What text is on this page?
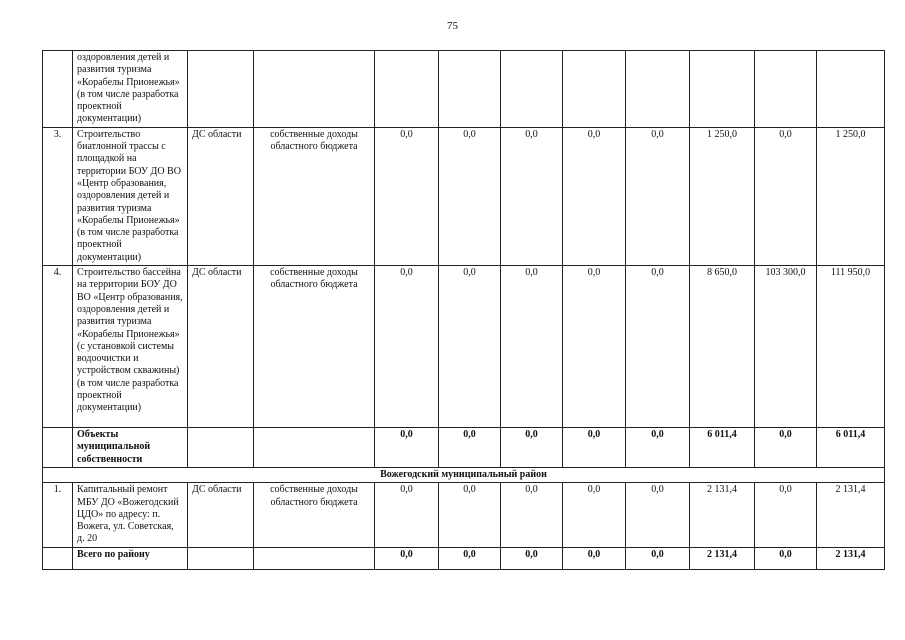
75
	оздоровления детей и развития туризма «Корабелы Прионежья» (в том числе разработка проектной документации)										
3.	Строительство биатлонной трассы с площадкой на территории БОУ ДО ВО «Центр образования, оздоровления детей и развития туризма «Корабелы Прионежья» (в том числе разработка проектной документации)	ДС области	собственные доходы областного бюджета	0,0	0,0	0,0	0,0	0,0	1 250,0	0,0	1 250,0
4.	Строительство бассейна на территории БОУ ДО ВО «Центр образования, оздоровления детей и развития туризма «Корабелы Прионежья» (с установкой системы водоочистки и устройством скважины) (в том числе разработка проектной документации)	ДС области	собственные доходы областного бюджета	0,0	0,0	0,0	0,0	0,0	8 650,0	103 300,0	111 950,0
	Объекты муниципальной собственности			0,0	0,0	0,0	0,0	0,0	6 011,4	0,0	6 011,4
Вожегодский муниципальный район											
1.	Капитальный ремонт МБУ ДО «Вожегодский ЦДО» по адресу: п. Вожега, ул. Советская, д. 20	ДС области	собственные доходы областного бюджета	0,0	0,0	0,0	0,0	0,0	2 131,4	0,0	2 131,4
	Всего по району			0,0	0,0	0,0	0,0	0,0	2 131,4	0,0	2 131,4
